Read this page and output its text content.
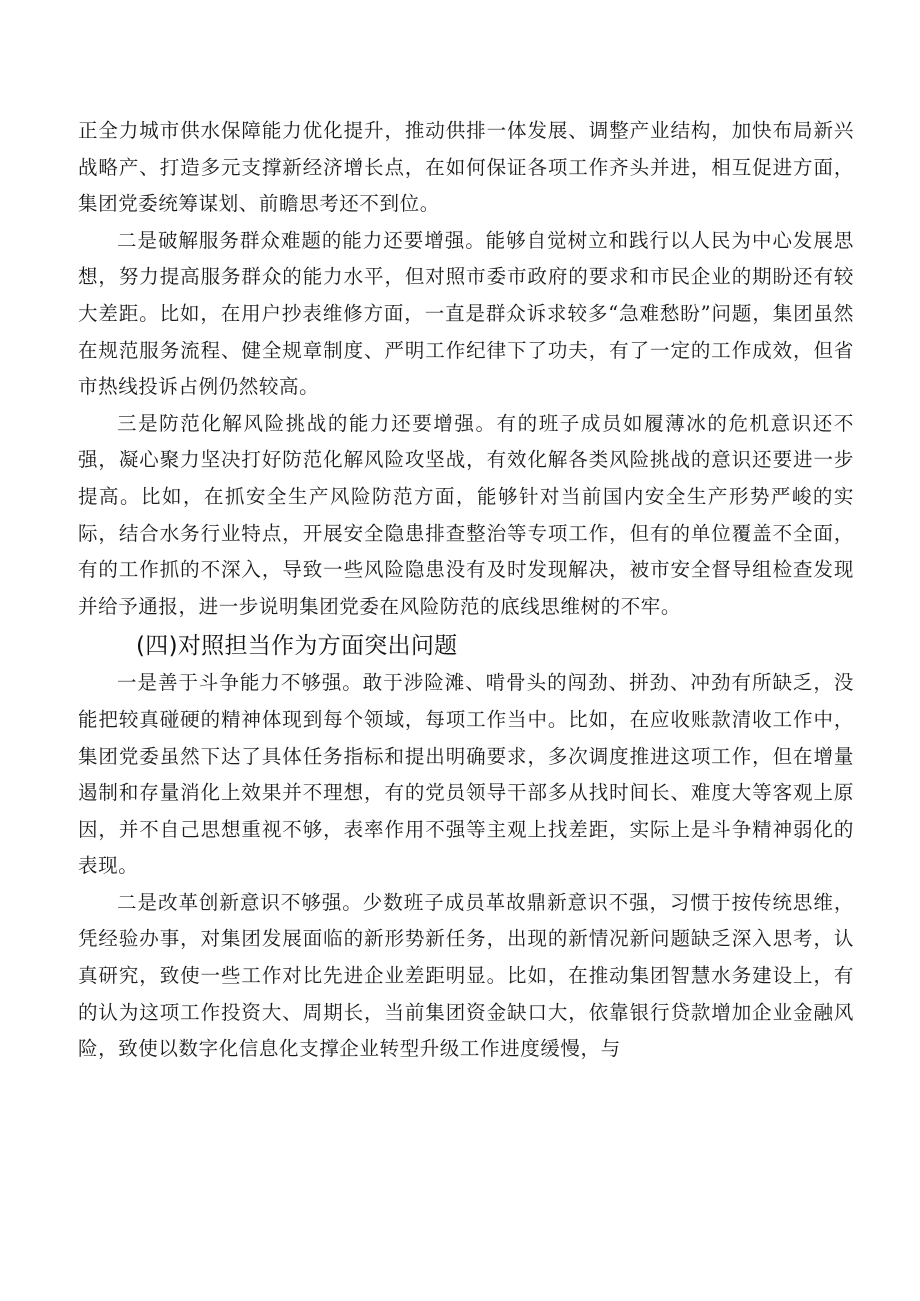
正全力城市供水保障能力优化提升，推动供排一体发展、调整产业结构，加快布局新兴战略产、打造多元支撑新经济增长点，在如何保证各项工作齐头并进，相互促进方面，集团党委统筹谋划、前瞻思考还不到位。

二是破解服务群众难题的能力还要增强。能够自觉树立和践行以人民为中心发展思想，努力提高服务群众的能力水平，但对照市委市政府的要求和市民企业的期盼还有较大差距。比如，在用户抄表维修方面，一直是群众诉求较多“急难愁盼”问题，集团虽然在规范服务流程、健全规章制度、严明工作纪律下了功夫，有了一定的工作成效，但省市热线投诉占例仍然较高。

三是防范化解风险挑战的能力还要增强。有的班子成员如履薄冰的危机意识还不强，凝心聚力坚决打好防范化解风险攻坚战，有效化解各类风险挑战的意识还要进一步提高。比如，在抓安全生产风险防范方面，能够针对当前国内安全生产形势严峻的实际，结合水务行业特点，开展安全隐患排查整治等专项工作，但有的单位覆盖不全面，有的工作抓的不深入，导致一些风险隐患没有及时发现解决，被市安全督导组检查发现并给予通报，进一步说明集团党委在风险防范的底线思维树的不牢。

(四)对照担当作为方面突出问题

一是善于斗争能力不够强。敢于涉险滩、啃骨头的闯劲、拼劲、冲劲有所缺乏，没能把较真碰硬的精神体现到每个领域，每项工作当中。比如，在应收账款清收工作中，集团党委虽然下达了具体任务指标和提出明确要求，多次调度推进这项工作，但在增量遏制和存量消化上效果并不理想，有的党员领导干部多从找时间长、难度大等客观上原因，并不自己思想重视不够，表率作用不强等主观上找差距，实际上是斗争精神弱化的表现。

二是改革创新意识不够强。少数班子成员革故鼎新意识不强，习惯于按传统思维，凭经验办事，对集团发展面临的新形势新任务，出现的新情况新问题缺乏深入思考，认真研究，致使一些工作对比先进企业差距明显。比如，在推动集团智慧水务建设上，有的认为这项工作投资大、周期长，当前集团资金缺口大，依靠银行贷款增加企业金融风险，致使以数字化信息化支撑企业转型升级工作进度缓慢，与
